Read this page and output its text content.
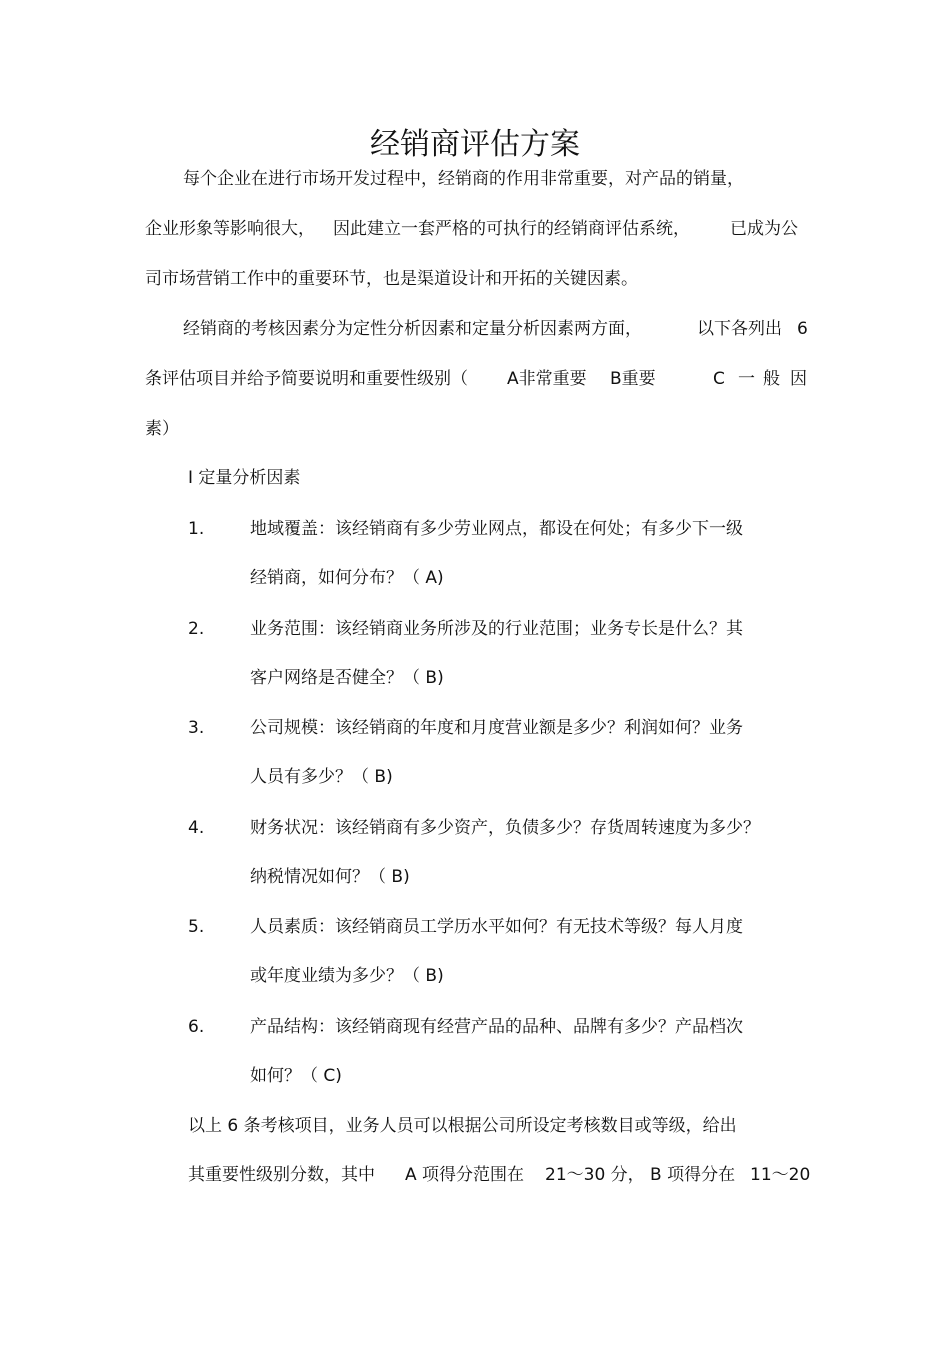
经销商评估方案
每个企业在进行市场开发过程中，经销商的作用非常重要，对产品的销量，
企业形象等影响很大， 因此建立一套严格的可执行的经销商评估系统， 已成为公
司市场营销工作中的重要环节，也是渠道设计和开拓的关键因素。
经销商的考核因素分为定性分析因素和定量分析因素两方面，	以下各列出 6
条评估项目并给予简要说明和重要性级别（ A非常重要 B重要	C 一 般 因
素）
I 定量分析因素
1.	地域覆盖：该经销商有多少劳业网点，都设在何处；有多少下一级
经销商，如何分布？（ A)
2.	业务范围：该经销商业务所涉及的行业范围；业务专长是什么？其
客户网络是否健全？（ B)
3.	公司规模：该经销商的年度和月度营业额是多少？利润如何？业务
人员有多少？（ B)
4.	财务状况：该经销商有多少资产，负债多少？存货周转速度为多少？
纳税情况如何？（ B)
5.	人员素质：该经销商员工学历水平如何？有无技术等级？每人月度
或年度业绩为多少？（ B)
6.	产品结构：该经销商现有经营产品的品种、品牌有多少？产品档次
如何？（ C)
以上 6 条考核项目，业务人员可以根据公司所设定考核数目或等级，给出
其重要性级别分数，其中 A 项得分范围在 21～30 分， B 项得分在 11～20
